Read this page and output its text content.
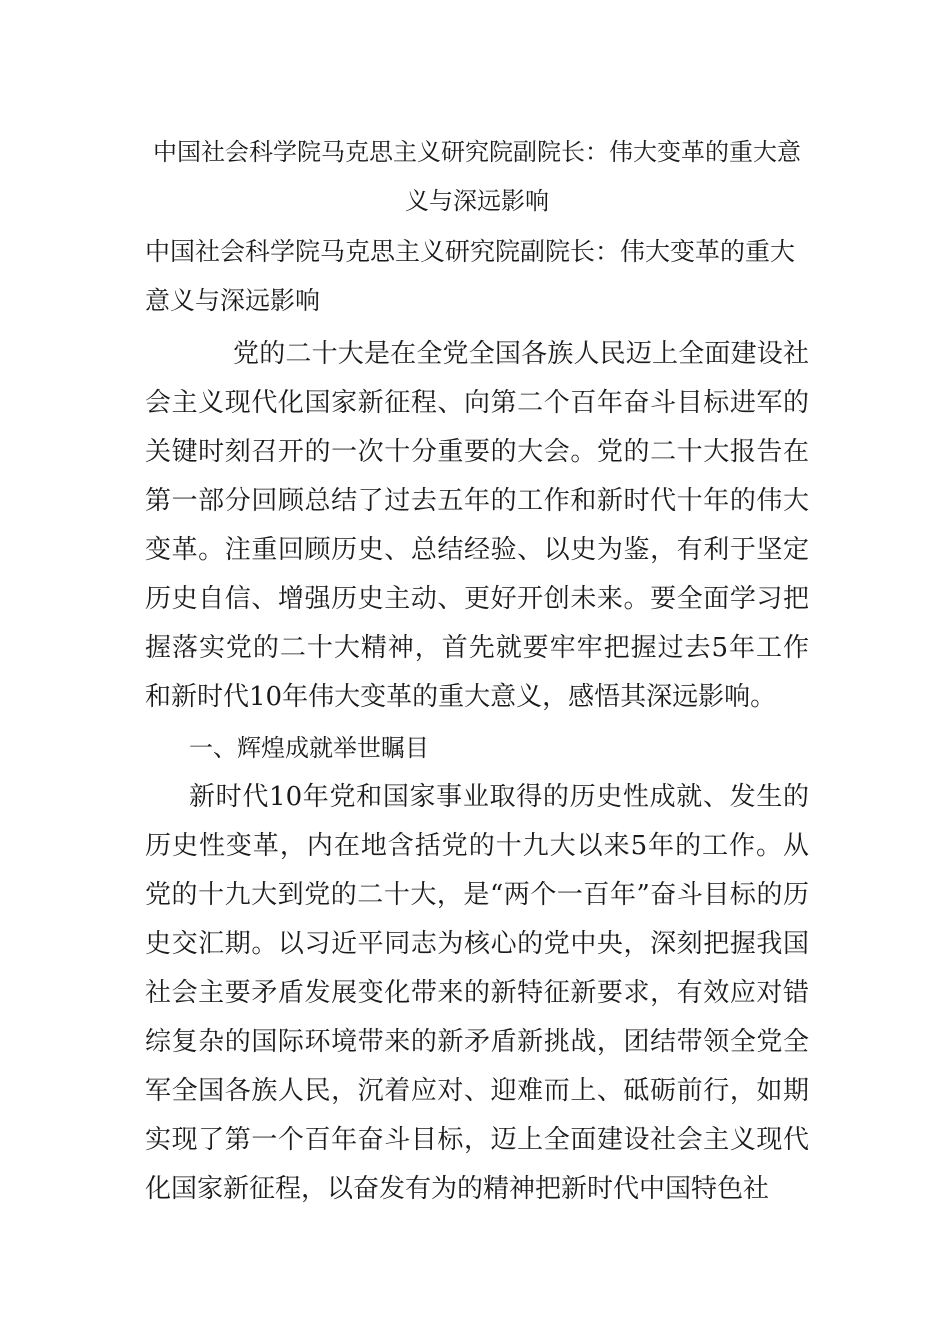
中国社会科学院马克思主义研究院副院长：伟大变革的重大意义与深远影响

中国社会科学院马克思主义研究院副院长：伟大变革的重大意义与深远影响

党的二十大是在全党全国各族人民迈上全面建设社会主义现代化国家新征程、向第二个百年奋斗目标进军的关键时刻召开的一次十分重要的大会。党的二十大报告在第一部分回顾总结了过去五年的工作和新时代十年的伟大变革。注重回顾历史、总结经验、以史为鉴，有利于坚定历史自信、增强历史主动、更好开创未来。要全面学习把握落实党的二十大精神，首先就要牢牢把握过去5年工作和新时代10年伟大变革的重大意义，感悟其深远影响。

一、辉煌成就举世瞩目

新时代10年党和国家事业取得的历史性成就、发生的历史性变革，内在地含括党的十九大以来5年的工作。从党的十九大到党的二十大，是“两个一百年”奋斗目标的历史交汇期。以习近平同志为核心的党中央，深刻把握我国社会主要矛盾发展变化带来的新特征新要求，有效应对错综复杂的国际环境带来的新矛盾新挑战，团结带领全党全军全国各族人民，沉着应对、迎难而上、砥砺前行，如期实现了第一个百年奋斗目标，迈上全面建设社会主义现代化国家新征程，以奋发有为的精神把新时代中国特色社
